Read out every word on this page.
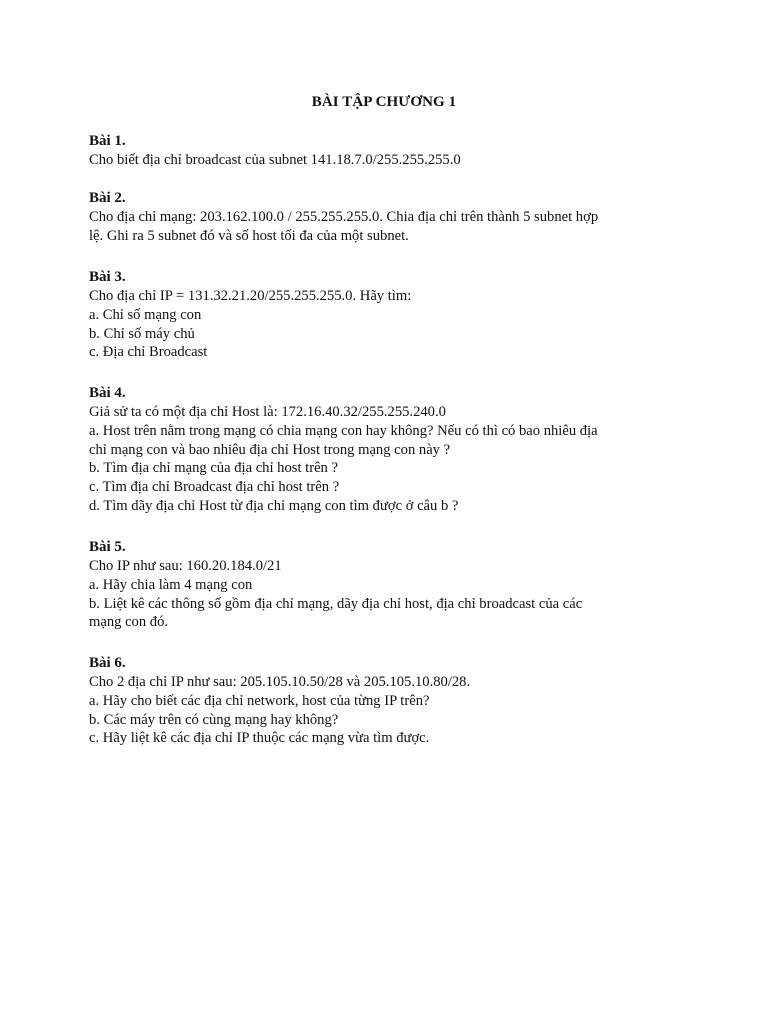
BÀI TẬP CHƯƠNG 1
Bài 1.
Cho biết địa chỉ broadcast của subnet 141.18.7.0/255.255.255.0
Bài 2.
Cho địa chỉ mạng: 203.162.100.0 / 255.255.255.0. Chia địa chỉ trên thành 5 subnet hợp
lệ. Ghi ra 5 subnet đó và số host tối đa của một subnet.
Bài 3.
Cho địa chỉ IP = 131.32.21.20/255.255.255.0. Hãy tìm:
a. Chỉ số mạng con
b. Chỉ số máy chủ
c. Địa chỉ Broadcast
Bài 4.
Giả sử ta có một địa chỉ Host là: 172.16.40.32/255.255.240.0
a. Host trên nằm trong mạng có chia mạng con hay không? Nếu có thì có bao nhiêu địa
chỉ mạng con và bao nhiêu địa chỉ Host trong mạng con này ?
b. Tìm địa chỉ mạng của địa chỉ host trên ?
c. Tìm địa chỉ Broadcast địa chỉ host trên ?
d. Tìm dãy địa chỉ Host từ địa chỉ mạng con tìm được ở câu b ?
Bài 5.
Cho IP như sau: 160.20.184.0/21
a. Hãy chia làm 4 mạng con
b. Liệt kê các thông số gồm địa chỉ mạng, dãy địa chỉ host, địa chỉ broadcast của các
mạng con đó.
Bài 6.
Cho 2 địa chỉ IP như sau: 205.105.10.50/28 và 205.105.10.80/28.
a. Hãy cho biết các địa chỉ network, host của từng IP trên?
b. Các máy trên có cùng mạng hay không?
c. Hãy liệt kê các địa chỉ IP thuộc các mạng vừa tìm được.
